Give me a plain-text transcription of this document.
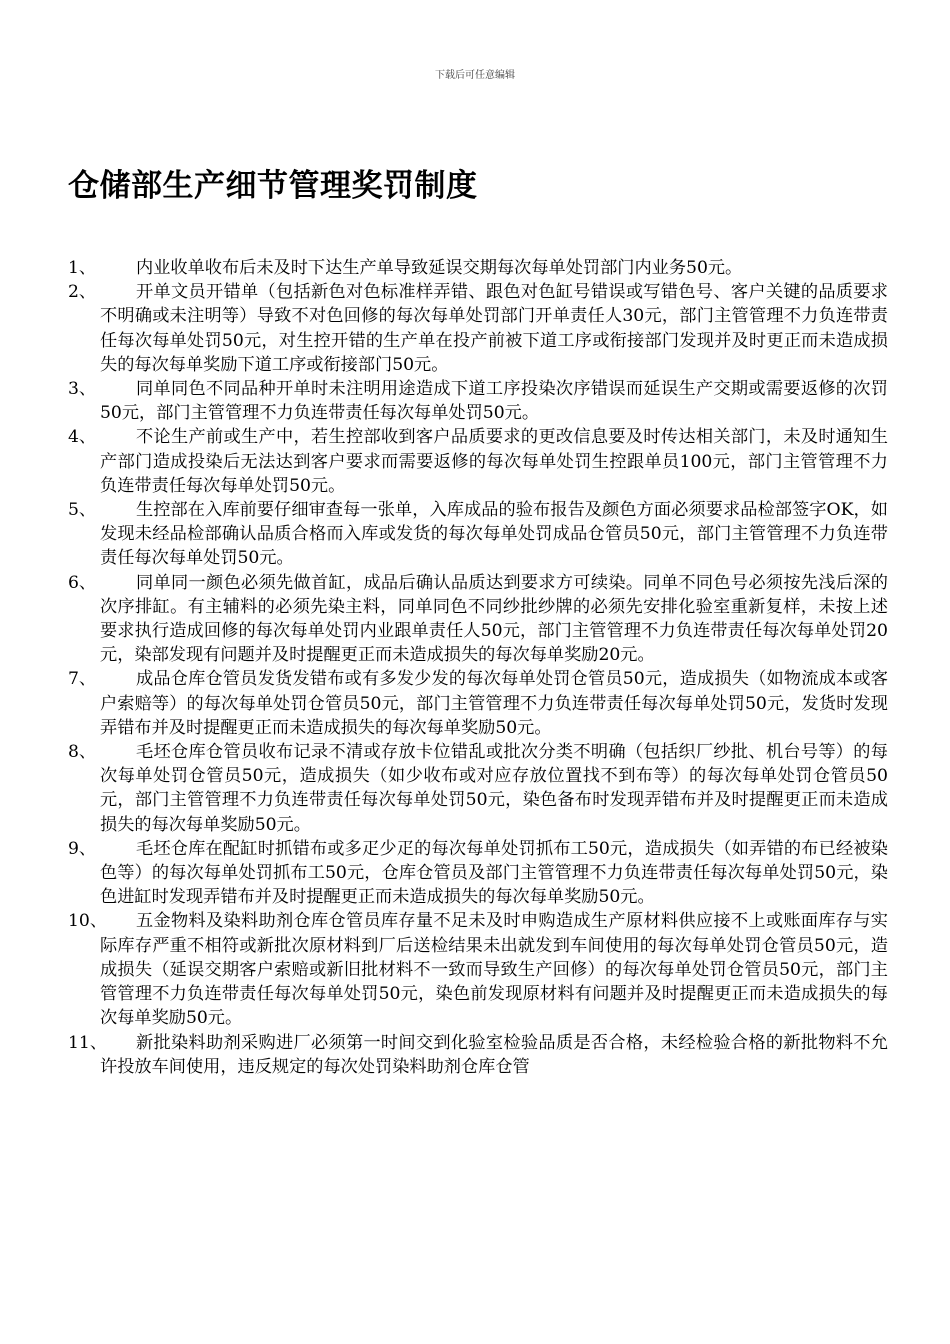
下载后可任意编辑
仓储部生产细节管理奖罚制度
1、	内业收单收布后未及时下达生产单导致延误交期每次每单处罚部门内业务50元。
2、	开单文员开错单（包括新色对色标准样弄错、跟色对色缸号错误或写错色号、客户关键的品质要求不明确或未注明等）导致不对色回修的每次每单处罚部门开单责任人30元，部门主管管理不力负连带责任每次每单处罚50元，对生控开错的生产单在投产前被下道工序或衔接部门发现并及时更正而未造成损失的每次每单奖励下道工序或衔接部门50元。
3、	同单同色不同品种开单时未注明用途造成下道工序投染次序错误而延误生产交期或需要返修的次罚50元，部门主管管理不力负连带责任每次每单处罚50元。
4、	不论生产前或生产中，若生控部收到客户品质要求的更改信息要及时传达相关部门，未及时通知生产部门造成投染后无法达到客户要求而需要返修的每次每单处罚生控跟单员100元，部门主管管理不力负连带责任每次每单处罚50元。
5、	生控部在入库前要仔细审查每一张单，入库成品的验布报告及颜色方面必须要求品检部签字OK，如发现未经品检部确认品质合格而入库或发货的每次每单处罚成品仓管员50元，部门主管管理不力负连带责任每次每单处罚50元。
6、	同单同一颜色必须先做首缸，成品后确认品质达到要求方可续染。同单不同色号必须按先浅后深的次序排缸。有主辅料的必须先染主料，同单同色不同纱批纱牌的必须先安排化验室重新复样，未按上述要求执行造成回修的每次每单处罚内业跟单责任人50元，部门主管管理不力负连带责任每次每单处罚20元，染部发现有问题并及时提醒更正而未造成损失的每次每单奖励20元。
7、	成品仓库仓管员发货发错布或有多发少发的每次每单处罚仓管员50元，造成损失（如物流成本或客户索赔等）的每次每单处罚仓管员50元，部门主管管理不力负连带责任每次每单处罚50元，发货时发现弄错布并及时提醒更正而未造成损失的每次每单奖励50元。
8、	毛坯仓库仓管员收布记录不清或存放卡位错乱或批次分类不明确（包括织厂纱批、机台号等）的每次每单处罚仓管员50元，造成损失（如少收布或对应存放位置找不到布等）的每次每单处罚仓管员50元，部门主管管理不力负连带责任每次每单处罚50元，染色备布时发现弄错布并及时提醒更正而未造成损失的每次每单奖励50元。
9、	毛坯仓库在配缸时抓错布或多疋少疋的每次每单处罚抓布工50元，造成损失（如弄错的布已经被染色等）的每次每单处罚抓布工50元，仓库仓管员及部门主管管理不力负连带责任每次每单处罚50元，染色进缸时发现弄错布并及时提醒更正而未造成损失的每次每单奖励50元。
10、	五金物料及染料助剂仓库仓管员库存量不足未及时申购造成生产原材料供应接不上或账面库存与实际库存严重不相符或新批次原材料到厂后送检结果未出就发到车间使用的每次每单处罚仓管员50元，造成损失（延误交期客户索赔或新旧批材料不一致而导致生产回修）的每次每单处罚仓管员50元，部门主管管理不力负连带责任每次每单处罚50元，染色前发现原材料有问题并及时提醒更正而未造成损失的每次每单奖励50元。
11、	新批染料助剂采购进厂必须第一时间交到化验室检验品质是否合格，未经检验合格的新批物料不允许投放车间使用，违反规定的每次处罚染料助剂仓库仓管
